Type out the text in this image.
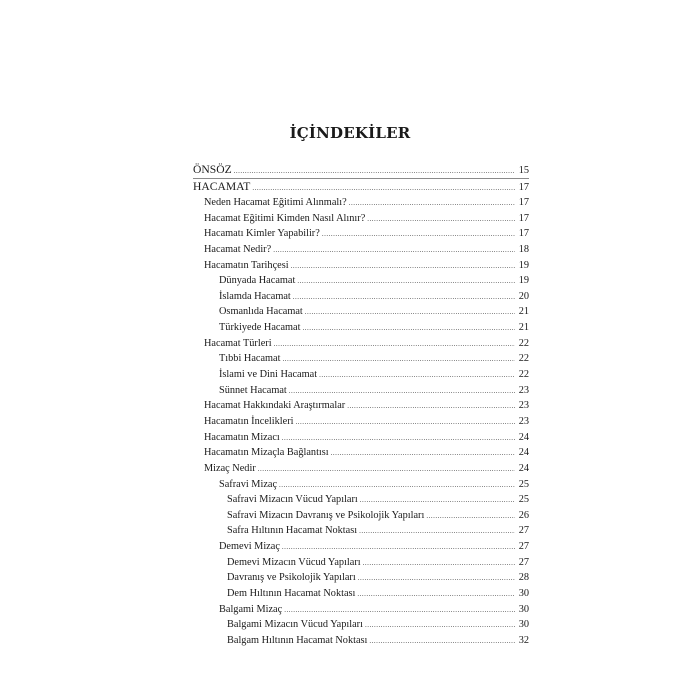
İÇİNDEKİLER
ÖNSÖZ .....	15
HACAMAT .....	17
Neden Hacamat Eğitimi Alınmalı? .....	17
Hacamat Eğitimi Kimden Nasıl Alınır? .....	17
Hacamatı Kimler Yapabilir? .....	17
Hacamat Nedir? .....	18
Hacamatın Tarihçesi .....	19
Dünyada Hacamat .....	19
İslamda Hacamat .....	20
Osmanlıda Hacamat .....	21
Türkiyede Hacamat .....	21
Hacamat Türleri .....	22
Tıbbi Hacamat .....	22
İslami ve Dini Hacamat .....	22
Sünnet Hacamat .....	23
Hacamat Hakkındaki Araştırmalar .....	23
Hacamatın İncelikleri .....	23
Hacamatın Mizacı .....	24
Hacamatın Mizaçla Bağlantısı .....	24
Mizaç Nedir .....	24
Safravi Mizaç .....	25
Safravi Mizacın Vücud Yapıları .....	25
Safravi Mizacın Davranış ve Psikolojik Yapıları .....	26
Safra Hıltının Hacamat Noktası .....	27
Demevi Mizaç .....	27
Demevi Mizacın Vücud Yapıları .....	27
Davranış ve Psikolojik Yapıları .....	28
Dem Hıltının Hacamat Noktası .....	30
Balgami Mizaç .....	30
Balgami Mizacın Vücud Yapıları .....	30
Balgam Hıltının Hacamat Noktası .....	32
